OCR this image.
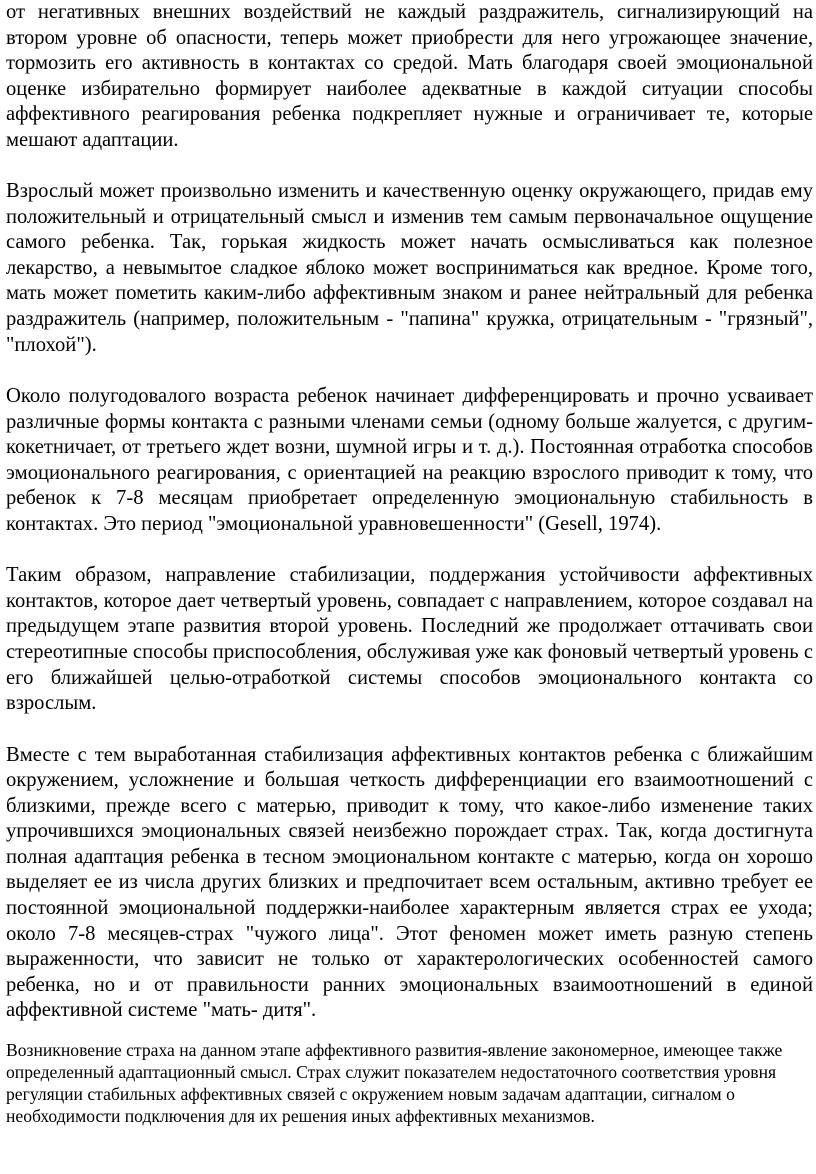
от негативных внешних воздействий не каждый раздражитель, сигнализирующий на втором уровне об опасности, теперь может приобрести для него угрожающее значение, тормозить его активность в контактах со средой. Мать благодаря своей эмоциональной оценке избирательно формирует наиболее адекватные в каждой ситуации способы аффективного реагирования ребенка подкрепляет нужные и ограничивает те, которые мешают адаптации.

Взрослый может произвольно изменить и качественную оценку окружающего, придав ему положительный и отрицательный смысл и изменив тем самым первоначальное ощущение самого ребенка. Так, горькая жидкость может начать осмысливаться как полезное лекарство, а невымытое сладкое яблоко может восприниматься как вредное. Кроме того, мать может пометить каким-либо аффективным знаком и ранее нейтральный для ребенка раздражитель (например, положительным - "папина" кружка, отрицательным - "грязный", "плохой").

Около полугодовалого возраста ребенок начинает дифференцировать и прочно усваивает различные формы контакта с разными членами семьи (одному больше жалуется, с другим- кокетничает, от третьего ждет возни, шумной игры и т. д.). Постоянная отработка способов эмоционального реагирования, с ориентацией на реакцию взрослого приводит к тому, что ребенок к 7-8 месяцам приобретает определенную эмоциональную стабильность в контактах. Это период "эмоциональной уравновешенности" (Gesell, 1974).

Таким образом, направление стабилизации, поддержания устойчивости аффективных контактов, которое дает четвертый уровень, совпадает с направлением, которое создавал на предыдущем этапе развития второй уровень. Последний же продолжает оттачивать свои стереотипные способы приспособления, обслуживая уже как фоновый четвертый уровень с его ближайшей целью-отработкой системы способов эмоционального контакта со взрослым.

Вместе с тем выработанная стабилизация аффективных контактов ребенка с ближайшим окружением, усложнение и большая четкость дифференциации его взаимоотношений с близкими, прежде всего с матерью, приводит к тому, что какое-либо изменение таких упрочившихся эмоциональных связей неизбежно порождает страх. Так, когда достигнута полная адаптация ребенка в тесном эмоциональном контакте с матерью, когда он хорошо выделяет ее из числа других близких и предпочитает всем остальным, активно требует ее постоянной эмоциональной поддержки-наиболее характерным является страх ее ухода; около 7-8 месяцев-страх "чужого лица". Этот феномен может иметь разную степень выраженности, что зависит не только от характерологических особенностей самого ребенка, но и от правильности ранних эмоциональных взаимоотношений в единой аффективной системе "мать- дитя".

Возникновение страха на данном этапе аффективного развития-явление закономерное, имеющее также определенный адаптационный смысл. Страх служит показателем недостаточного соответствия уровня регуляции стабильных аффективных связей с окружением новым задачам адаптации, сигналом о необходимости подключения для их решения иных аффективных механизмов.
